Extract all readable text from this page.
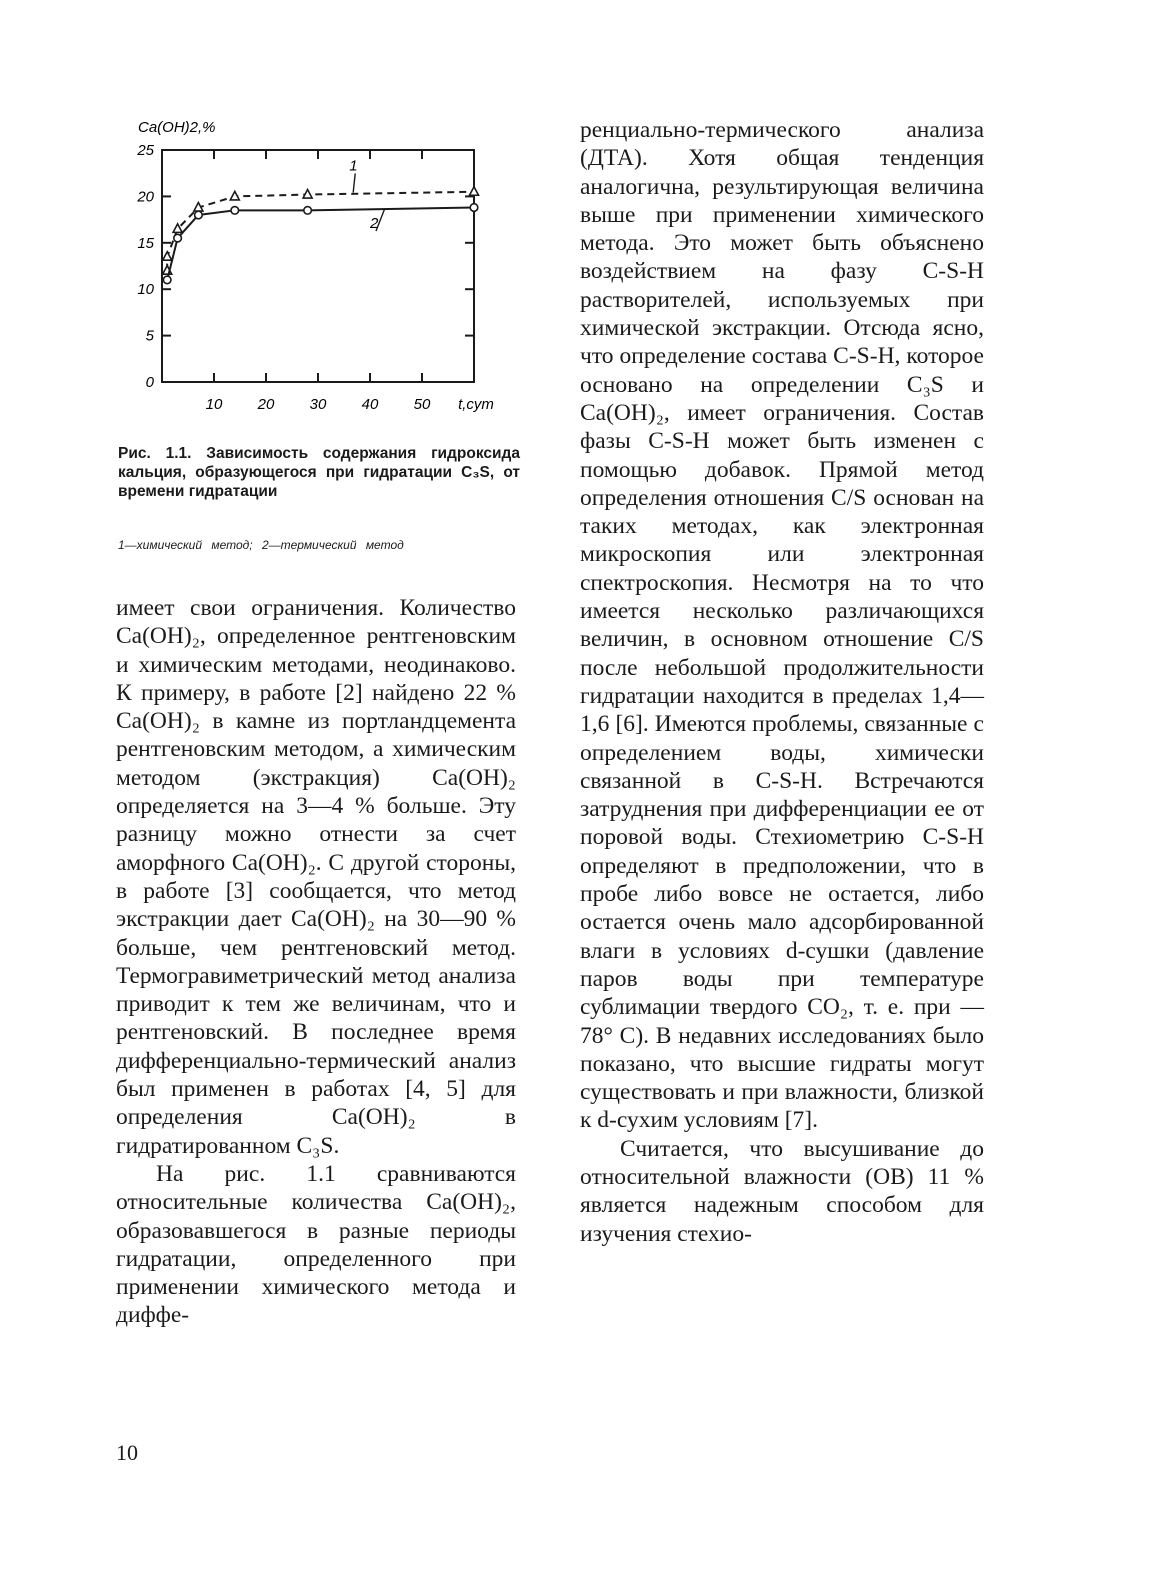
Ca(OH)2,%
0
5
10
15
20
25
10 20 30 40 50 t,cym
1
2
Рис. 1.1. Зависимость содержания гидроксида кальция, образующегося при гидратации C₃S, от времени гидратации
1—химический метод; 2—термический метод

имеет свои ограничения. Количество Ca(OH)₂, определенное рентгеновским и химическим методами, неодинаково. К примеру, в работе [2] найдено 22 % Ca(OH)₂ в камне из портландцемента рентгеновским методом, а химическим методом (экстракция) Ca(OH)₂ определяется на 3—4 % больше. Эту разницу можно отнести за счет аморфного Ca(OH)₂. С другой стороны, в работе [3] сообщается, что метод экстракции дает Ca(OH)₂ на 30—90 % больше, чем рентгеновский метод. Термогравиметрический метод анализа приводит к тем же величинам, что и рентгеновский. В последнее время дифференциально-термический анализ был применен в работах [4, 5] для определения Ca(OH)₂ в гидратированном C₃S.

На рис. 1.1 сравниваются относительные количества Ca(OH)₂, образовавшегося в разные периоды гидратации, определенного при применении химического метода и диффе-

ренциально-термического анализа (ДТА). Хотя общая тенденция аналогична, результирующая величина выше при применении химического метода. Это может быть объяснено воздействием на фазу C-S-H растворителей, используемых при химической экстракции. Отсюда ясно, что определение состава C-S-H, которое основано на определении C₃S и Ca(OH)₂, имеет ограничения. Состав фазы C-S-H может быть изменен с помощью добавок. Прямой метод определения отношения C/S основан на таких методах, как электронная микроскопия или электронная спектроскопия. Несмотря на то что имеется несколько различающихся величин, в основном отношение C/S после небольшой продолжительности гидратации находится в пределах 1,4—1,6 [6]. Имеются проблемы, связанные с определением воды, химически связанной в C-S-H. Встречаются затруднения при дифференциации ее от поровой воды. Стехиометрию C-S-H определяют в предположении, что в пробе либо вовсе не остается, либо остается очень мало адсорбированной влаги в условиях d-сушки (давление паров воды при температуре сублимации твердого CO₂, т. е. при —78° C). В недавних исследованиях было показано, что высшие гидраты могут существовать и при влажности, близкой к d-сухим условиям [7].

Считается, что высушивание до относительной влажности (ОВ) 11 % является надежным способом для изучения стехио-

10
